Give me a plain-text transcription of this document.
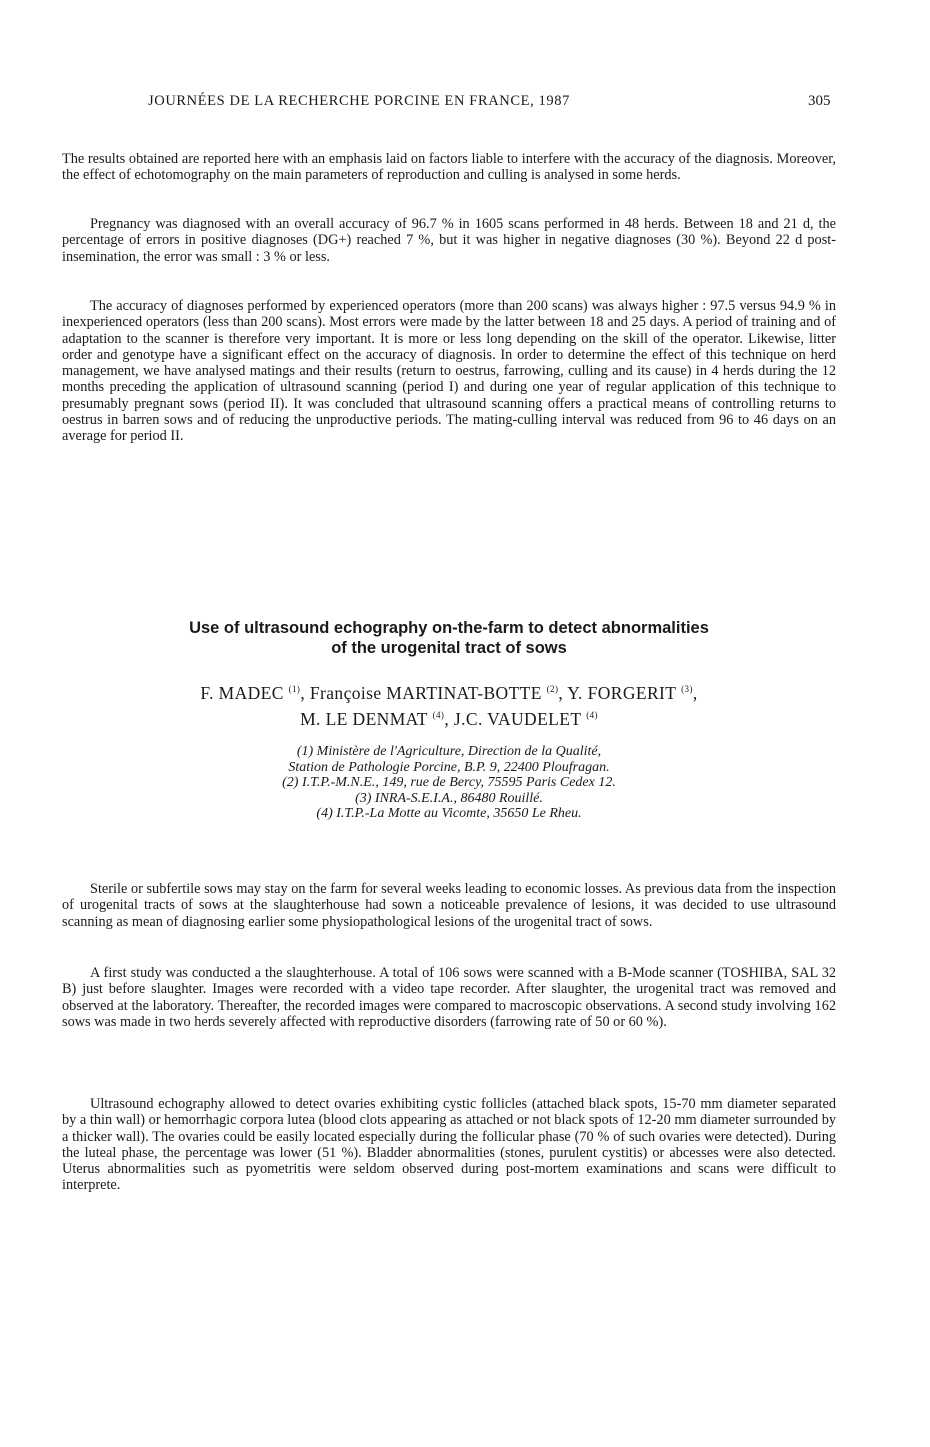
JOURNÉES DE LA RECHERCHE PORCINE EN FRANCE, 1987	305

The results obtained are reported here with an emphasis laid on factors liable to interfere with the accuracy of the diagnosis. Moreover, the effect of echotomography on the main parameters of reproduction and culling is analysed in some herds.

Pregnancy was diagnosed with an overall accuracy of 96.7 % in 1605 scans performed in 48 herds. Between 18 and 21 d, the percentage of errors in positive diagnoses (DG+) reached 7 %, but it was higher in negative diagnoses (30 %). Beyond 22 d post-insemination, the error was small : 3 % or less.

The accuracy of diagnoses performed by experienced operators (more than 200 scans) was always higher : 97.5 versus 94.9 % in inexperienced operators (less than 200 scans). Most errors were made by the latter between 18 and 25 days. A period of training and of adaptation to the scanner is therefore very important. It is more or less long depending on the skill of the operator. Likewise, litter order and genotype have a significant effect on the accuracy of diagnosis. In order to determine the effect of this technique on herd management, we have analysed matings and their results (return to oestrus, farrowing, culling and its cause) in 4 herds during the 12 months preceding the application of ultrasound scanning (period I) and during one year of regular application of this technique to presumably pregnant sows (period II). It was concluded that ultrasound scanning offers a practical means of controlling returns to oestrus in barren sows and of reducing the unproductive periods. The mating-culling interval was reduced from 96 to 46 days on an average for period II.

Use of ultrasound echography on-the-farm to detect abnormalities
of the urogenital tract of sows
F. MADEC $^{(1)}$, Françoise MARTINAT-BOTTE $^{(2)}$, Y. FORGERIT $^{(3)}$,
M. LE DENMAT $^{(4)}$, J.C. VAUDELET $^{(4)}$
(1) Ministère de l'Agriculture, Direction de la Qualité,
Station de Pathologie Porcine, B.P. 9, 22400 Ploufragan.
(2) I.T.P.-M.N.E., 149, rue de Bercy, 75595 Paris Cedex 12.
(3) INRA-S.E.I.A., 86480 Rouillé.
(4) I.T.P.-La Motte au Vicomte, 35650 Le Rheu.

Sterile or subfertile sows may stay on the farm for several weeks leading to economic losses. As previous data from the inspection of urogenital tracts of sows at the slaughterhouse had sown a noticeable prevalence of lesions, it was decided to use ultrasound scanning as mean of diagnosing earlier some physiopathological lesions of the urogenital tract of sows.

A first study was conducted a the slaughterhouse. A total of 106 sows were scanned with a B-Mode scanner (TOSHIBA, SAL 32 B) just before slaughter. Images were recorded with a video tape recorder. After slaughter, the urogenital tract was removed and observed at the laboratory. Thereafter, the recorded images were compared to macroscopic observations. A second study involving 162 sows was made in two herds severely affected with reproductive disorders (farrowing rate of 50 or 60 %).

Ultrasound echography allowed to detect ovaries exhibiting cystic follicles (attached black spots, 15-70 mm diameter separated by a thin wall) or hemorrhagic corpora lutea (blood clots appearing as attached or not black spots of 12-20 mm diameter surrounded by a thicker wall). The ovaries could be easily located especially during the follicular phase (70 % of such ovaries were detected). During the luteal phase, the percentage was lower (51 %). Bladder abnormalities (stones, purulent cystitis) or abcesses were also detected. Uterus abnormalities such as pyometritis were seldom observed during post-mortem examinations and scans were difficult to interprete.
